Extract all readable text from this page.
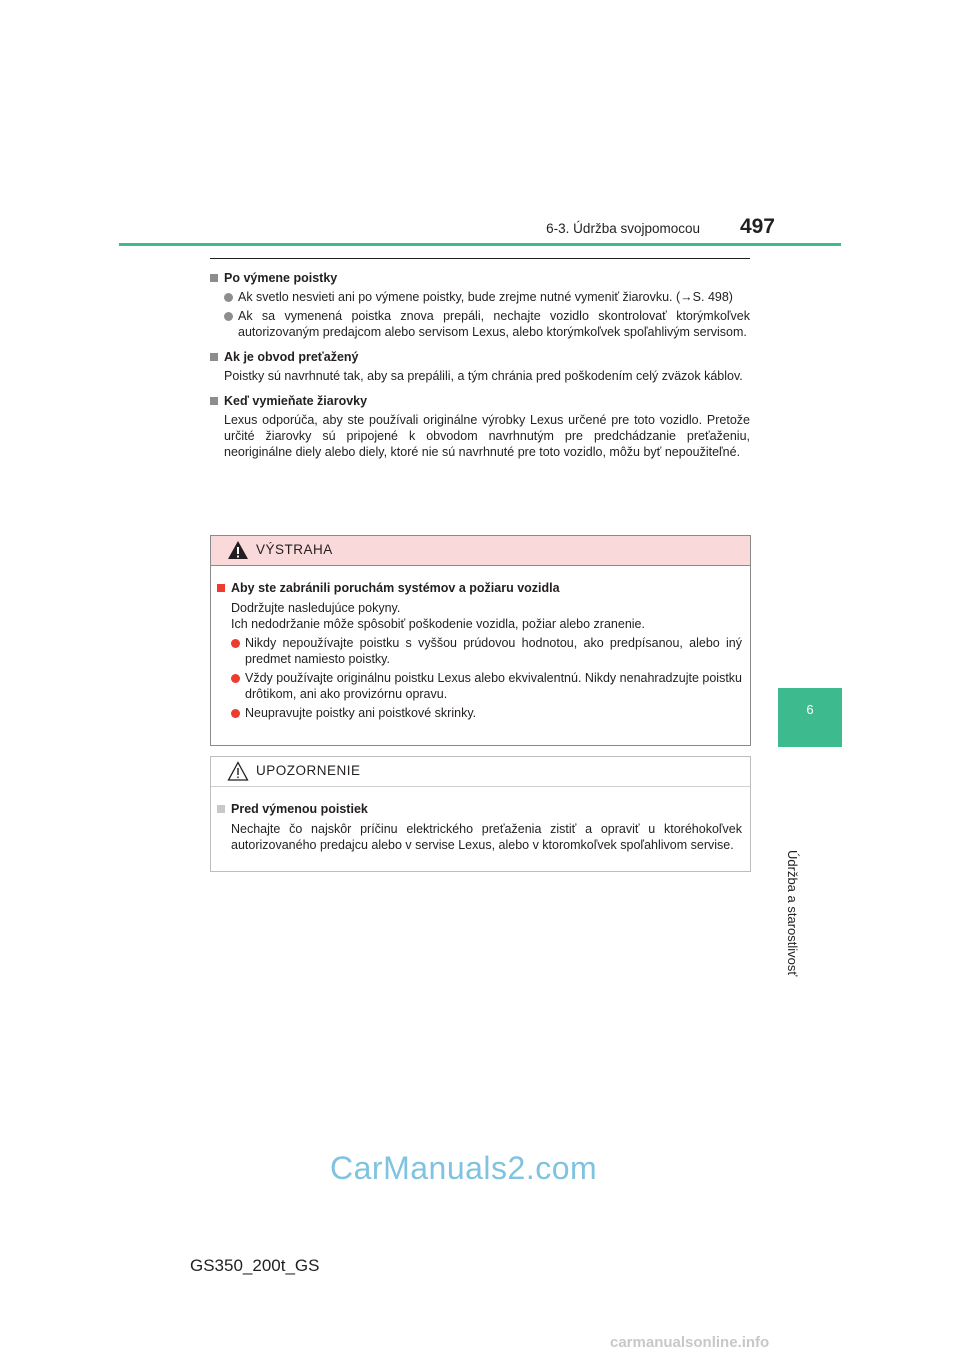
6-3. Údržba svojpomocou	497
6
Údržba a starostlivosť
Po výmene poistky
Ak svetlo nesvieti ani po výmene poistky, bude zrejme nutné vymeniť žiarovku. (→S. 498)
Ak sa vymenená poistka znova prepáli, nechajte vozidlo skontrolovať ktorýmkoľvek autorizovaným predajcom alebo servisom Lexus, alebo ktorýmkoľvek spoľahlivým servisom.
Ak je obvod preťažený
Poistky sú navrhnuté tak, aby sa prepálili, a tým chránia pred poškodením celý zväzok káblov.
Keď vymieňate žiarovky
Lexus odporúča, aby ste používali originálne výrobky Lexus určené pre toto vozidlo. Pretože určité žiarovky sú pripojené k obvodom navrhnutým pre predchádzanie preťaženiu, neoriginálne diely alebo diely, ktoré nie sú navrhnuté pre toto vozidlo, môžu byť nepoužiteľné.
VÝSTRAHA
Aby ste zabránili poruchám systémov a požiaru vozidla
Dodržujte nasledujúce pokyny.
Ich nedodržanie môže spôsobiť poškodenie vozidla, požiar alebo zranenie.
Nikdy nepoužívajte poistku s vyššou prúdovou hodnotou, ako predpísanou, alebo iný predmet namiesto poistky.
Vždy používajte originálnu poistku Lexus alebo ekvivalentnú. Nikdy nenahradzujte poistku drôtikom, ani ako provizórnu opravu.
Neupravujte poistky ani poistkové skrinky.
UPOZORNENIE
Pred výmenou poistiek
Nechajte čo najskôr príčinu elektrického preťaženia zistiť a opraviť u ktoréhokoľvek autorizovaného predajcu alebo v servise Lexus, alebo v ktoromkoľvek spoľahlivom servise.
CarManuals2.com
GS350_200t_GS
carmanualsonline.info
